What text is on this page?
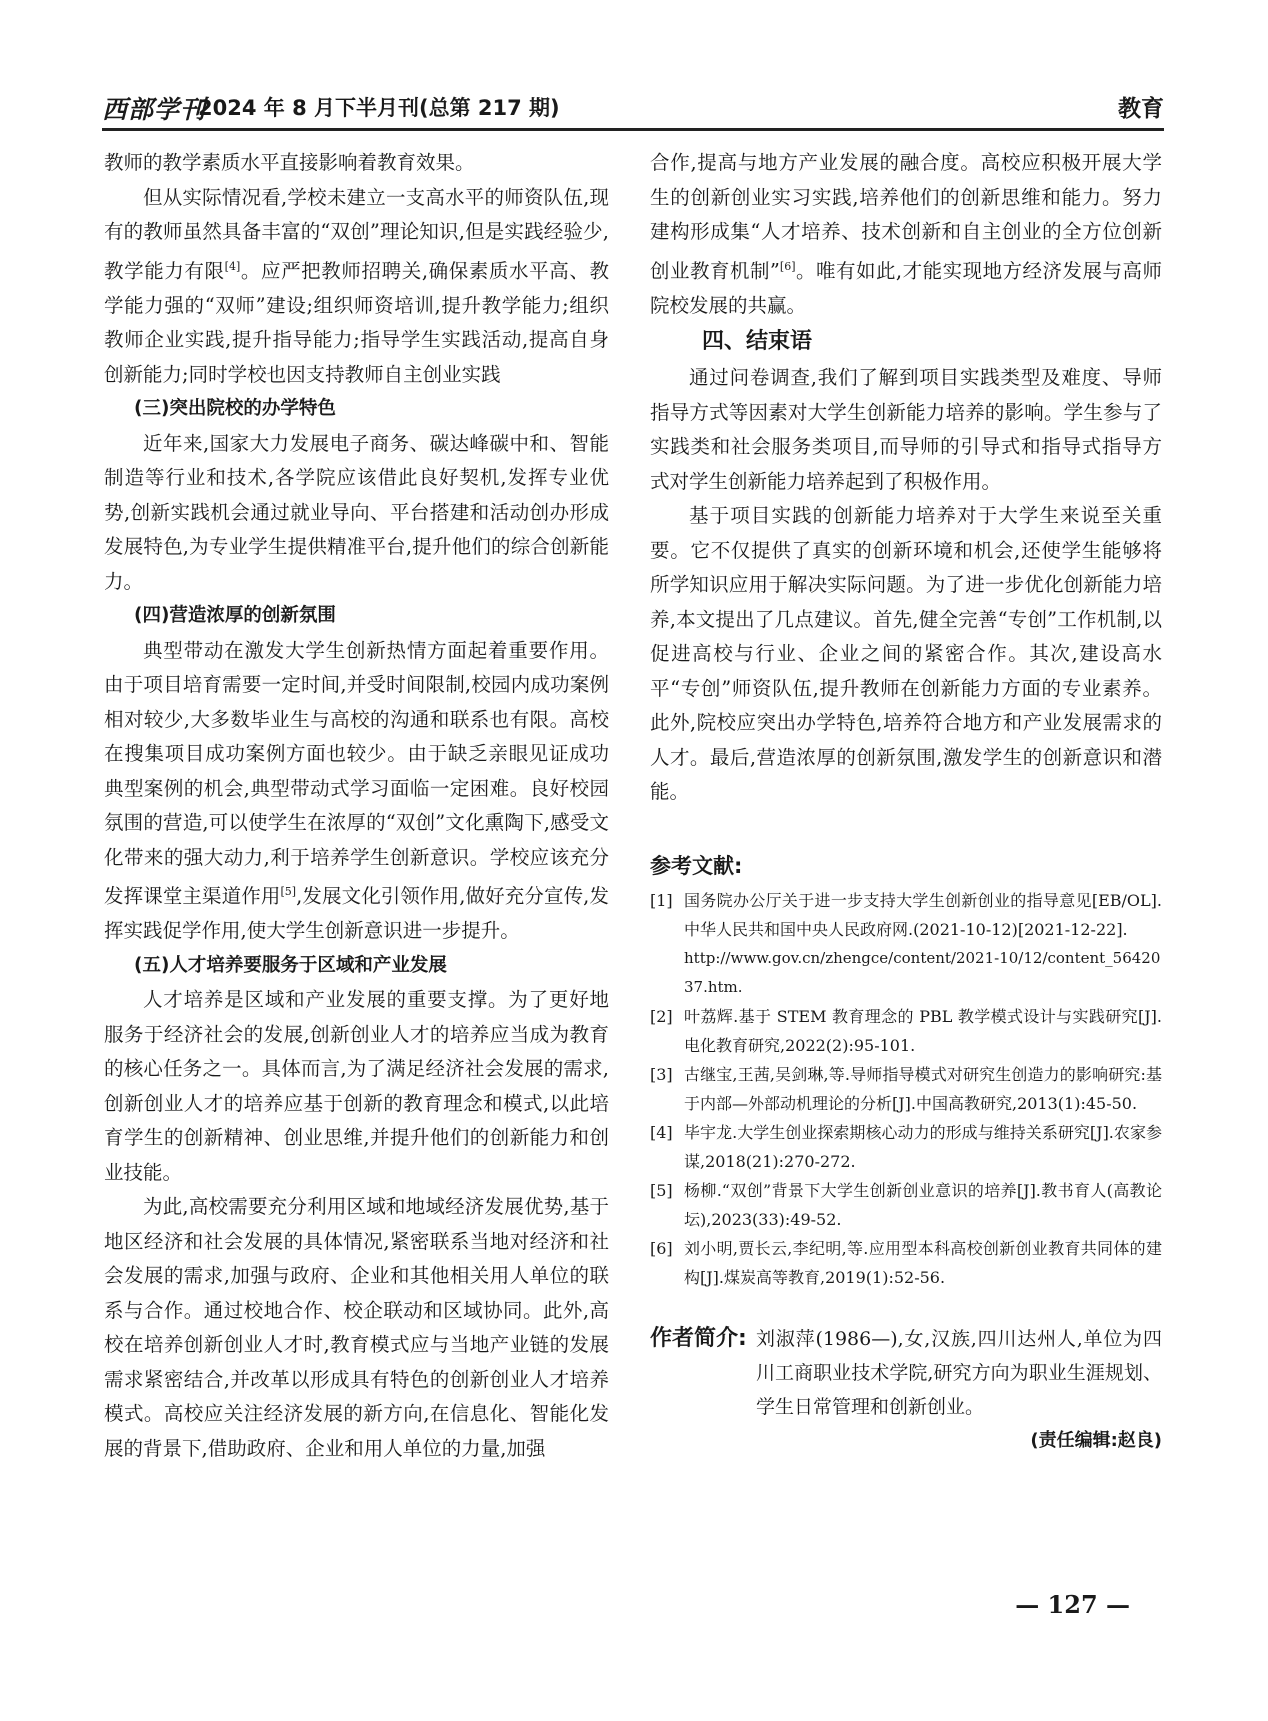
西部学刊
2024 年 8 月下半月刊(总第 217 期)	教育

教师的教学素质水平直接影响着教育效果。

但从实际情况看,学校未建立一支高水平的师资队伍,现有的教师虽然具备丰富的“双创”理论知识,但是实践经验少,教学能力有限[4]。应严把教师招聘关,确保素质水平高、教学能力强的“双师”建设;组织师资培训,提升教学能力;组织教师企业实践,提升指导能力;指导学生实践活动,提高自身创新能力;同时学校也因支持教师自主创业实践

(三)突出院校的办学特色

近年来,国家大力发展电子商务、碳达峰碳中和、智能制造等行业和技术,各学院应该借此良好契机,发挥专业优势,创新实践机会通过就业导向、平台搭建和活动创办形成发展特色,为专业学生提供精准平台,提升他们的综合创新能力。

(四)营造浓厚的创新氛围

典型带动在激发大学生创新热情方面起着重要作用。由于项目培育需要一定时间,并受时间限制,校园内成功案例相对较少,大多数毕业生与高校的沟通和联系也有限。高校在搜集项目成功案例方面也较少。由于缺乏亲眼见证成功典型案例的机会,典型带动式学习面临一定困难。良好校园氛围的营造,可以使学生在浓厚的“双创”文化熏陶下,感受文化带来的强大动力,利于培养学生创新意识。学校应该充分发挥课堂主渠道作用[5],发展文化引领作用,做好充分宣传,发挥实践促学作用,使大学生创新意识进一步提升。

(五)人才培养要服务于区域和产业发展

人才培养是区域和产业发展的重要支撑。为了更好地服务于经济社会的发展,创新创业人才的培养应当成为教育的核心任务之一。具体而言,为了满足经济社会发展的需求,创新创业人才的培养应基于创新的教育理念和模式,以此培育学生的创新精神、创业思维,并提升他们的创新能力和创业技能。

为此,高校需要充分利用区域和地域经济发展优势,基于地区经济和社会发展的具体情况,紧密联系当地对经济和社会发展的需求,加强与政府、企业和其他相关用人单位的联系与合作。通过校地合作、校企联动和区域协同。此外,高校在培养创新创业人才时,教育模式应与当地产业链的发展需求紧密结合,并改革以形成具有特色的创新创业人才培养模式。高校应关注经济发展的新方向,在信息化、智能化发展的背景下,借助政府、企业和用人单位的力量,加强

合作,提高与地方产业发展的融合度。高校应积极开展大学生的创新创业实习实践,培养他们的创新思维和能力。努力建构形成集“人才培养、技术创新和自主创业的全方位创新创业教育机制”[6]。唯有如此,才能实现地方经济发展与高师院校发展的共赢。

四、结束语

通过问卷调查,我们了解到项目实践类型及难度、导师指导方式等因素对大学生创新能力培养的影响。学生参与了实践类和社会服务类项目,而导师的引导式和指导式指导方式对学生创新能力培养起到了积极作用。

基于项目实践的创新能力培养对于大学生来说至关重要。它不仅提供了真实的创新环境和机会,还使学生能够将所学知识应用于解决实际问题。为了进一步优化创新能力培养,本文提出了几点建议。首先,健全完善“专创”工作机制,以促进高校与行业、企业之间的紧密合作。其次,建设高水平“专创”师资队伍,提升教师在创新能力方面的专业素养。此外,院校应突出办学特色,培养符合地方和产业发展需求的人才。最后,营造浓厚的创新氛围,激发学生的创新意识和潜能。

参考文献:
[1] 国务院办公厅关于进一步支持大学生创新创业的指导意见[EB/OL].中华人民共和国中央人民政府网.(2021-10-12)[2021-12-22].
http://www.gov.cn/zhengce/content/2021-10/12/content_5642037.htm.
[2] 叶荔辉.基于 STEM 教育理念的 PBL 教学模式设计与实践研究[J].电化教育研究,2022(2):95-101.
[3] 古继宝,王茜,吴剑琳,等.导师指导模式对研究生创造力的影响研究:基于内部—外部动机理论的分析[J].中国高教研究,2013(1):45-50.
[4] 毕宇龙.大学生创业探索期核心动力的形成与维持关系研究[J].农家参谋,2018(21):270-272.
[5] 杨柳.“双创”背景下大学生创新创业意识的培养[J].教书育人(高教论坛),2023(33):49-52.
[6] 刘小明,贾长云,李纪明,等.应用型本科高校创新创业教育共同体的建构[J].煤炭高等教育,2019(1):52-56.
作者简介: 刘淑萍(1986—),女,汉族,四川达州人,单位为四川工商职业技术学院,研究方向为职业生涯规划、学生日常管理和创新创业。
(责任编辑:赵良)
— 127 —
